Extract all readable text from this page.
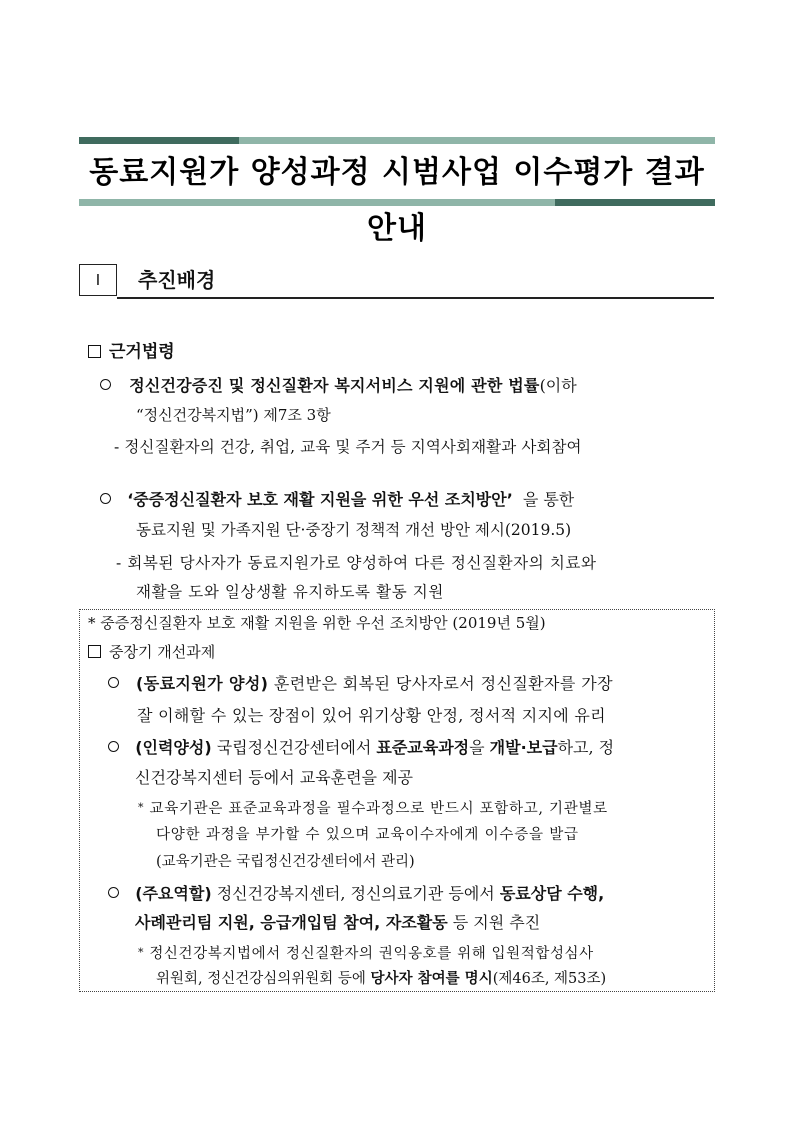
동료지원가 양성과정 시범사업 이수평가 결과안내
Ⅰ	추진배경
근거법령
정신건강증진 및 정신질환자 복지서비스 지원에 관한 법률(이하
“정신건강복지법”) 제7조 3항
- 정신질환자의 건강, 취업, 교육 및 주거 등 지역사회재활과 사회참여
‘중증정신질환자 보호 재활 지원을 위한 우선 조치방안’ 을 통한
동료지원 및 가족지원 단·중장기 정책적 개선 방안 제시(2019.5)
- 회복된 당사자가 동료지원가로 양성하여 다른 정신질환자의 치료와
재활을 도와 일상생활 유지하도록 활동 지원
* 중증정신질환자 보호 재활 지원을 위한 우선 조치방안 (2019년 5월)
중장기 개선과제
(동료지원가 양성) 훈련받은 회복된 당사자로서 정신질환자를 가장
잘 이해할 수 있는 장점이 있어 위기상황 안정, 정서적 지지에 유리
(인력양성) 국립정신건강센터에서 표준교육과정을 개발·보급하고, 정
신건강복지센터 등에서 교육훈련을 제공
* 교육기관은 표준교육과정을 필수과정으로 반드시 포함하고, 기관별로
다양한 과정을 부가할 수 있으며 교육이수자에게 이수증을 발급
(교육기관은 국립정신건강센터에서 관리)
(주요역할) 정신건강복지센터, 정신의료기관 등에서 동료상담 수행,
사례관리팀 지원, 응급개입팀 참여, 자조활동 등 지원 추진
* 정신건강복지법에서 정신질환자의 권익옹호를 위해 입원적합성심사
위원회, 정신건강심의위원회 등에 당사자 참여를 명시(제46조, 제53조)
